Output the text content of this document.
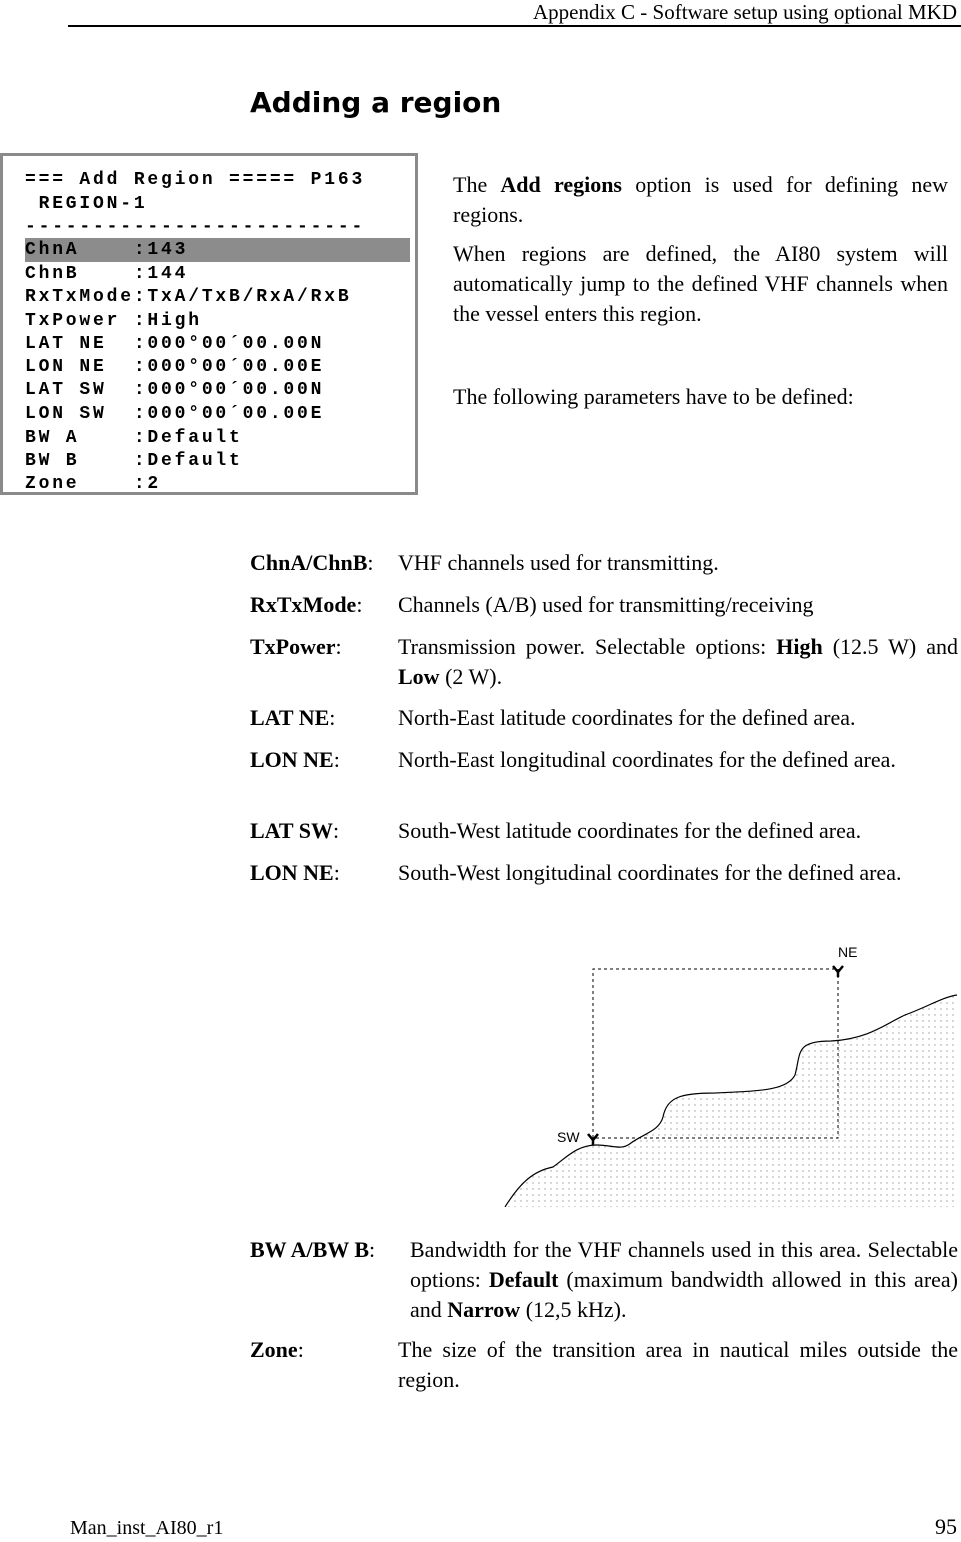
Appendix C - Software setup using optional MKD
Adding a region
=== Add Region ===== P163
REGION-1
-------------------------
ChnA    :143
ChnB    :144
RxTxMode:TxA/TxB/RxA/RxB
TxPower :High
LAT NE  :000°00´00.00N
LON NE  :000°00´00.00E
LAT SW  :000°00´00.00N
LON SW  :000°00´00.00E
BW A    :Default
BW B    :Default
Zone    :2
The Add regions option is used for defining new regions.
When regions are defined, the AI80 system will automatically jump to the defined VHF channels when the vessel enters this region.
The following parameters have to be defined:
ChnA/ChnB: VHF channels used for transmitting.
RxTxMode: Channels (A/B) used for transmitting/receiving
TxPower:	Transmission power. Selectable options: High (12.5 W) and Low (2 W).
LAT NE:	North-East latitude coordinates for the defined area.
LON NE:	North-East longitudinal coordinates for the defined area.
LAT SW:	South-West latitude coordinates for the defined area.
LON NE:	South-West longitudinal coordinates for the defined area.
NE
SW
BW A/BW B: Bandwidth for the VHF channels used in this area. Selectable options: Default (maximum bandwidth allowed in this area) and Narrow (12,5 kHz).
Zone:	The size of the transition area in nautical miles outside the region.
Man_inst_AI80_r1	95
